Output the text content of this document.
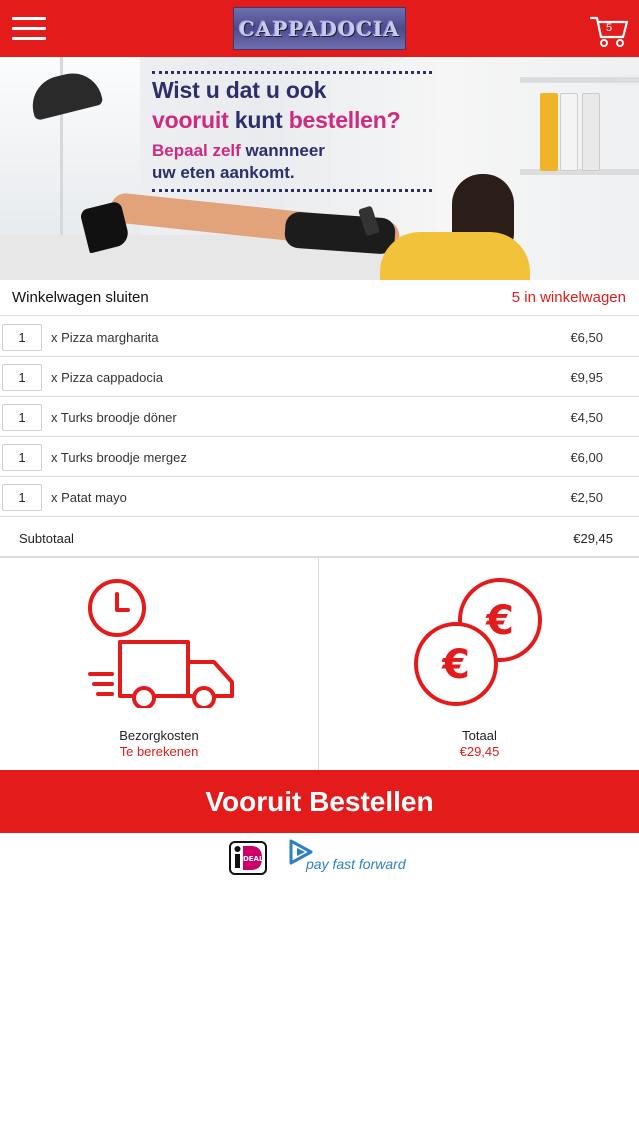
CAPPADOCIA	5
Wist u dat u ook
vooruit kunt bestellen?
Bepaal zelf wannneer
uw eten aankomt.
Winkelwagen sluiten	5 in winkelwagen
1	x Pizza margharita	€6,50
1	x Pizza cappadocia	€9,95
1	x Turks broodje döner	€4,50
1	x Turks broodje mergez	€6,00
1	x Patat mayo	€2,50
Subtotaal	€29,45
Bezorgkosten
Te berekenen
€
€
Totaal
€29,45
Vooruit Bestellen
iDEAL	pay fast forward
